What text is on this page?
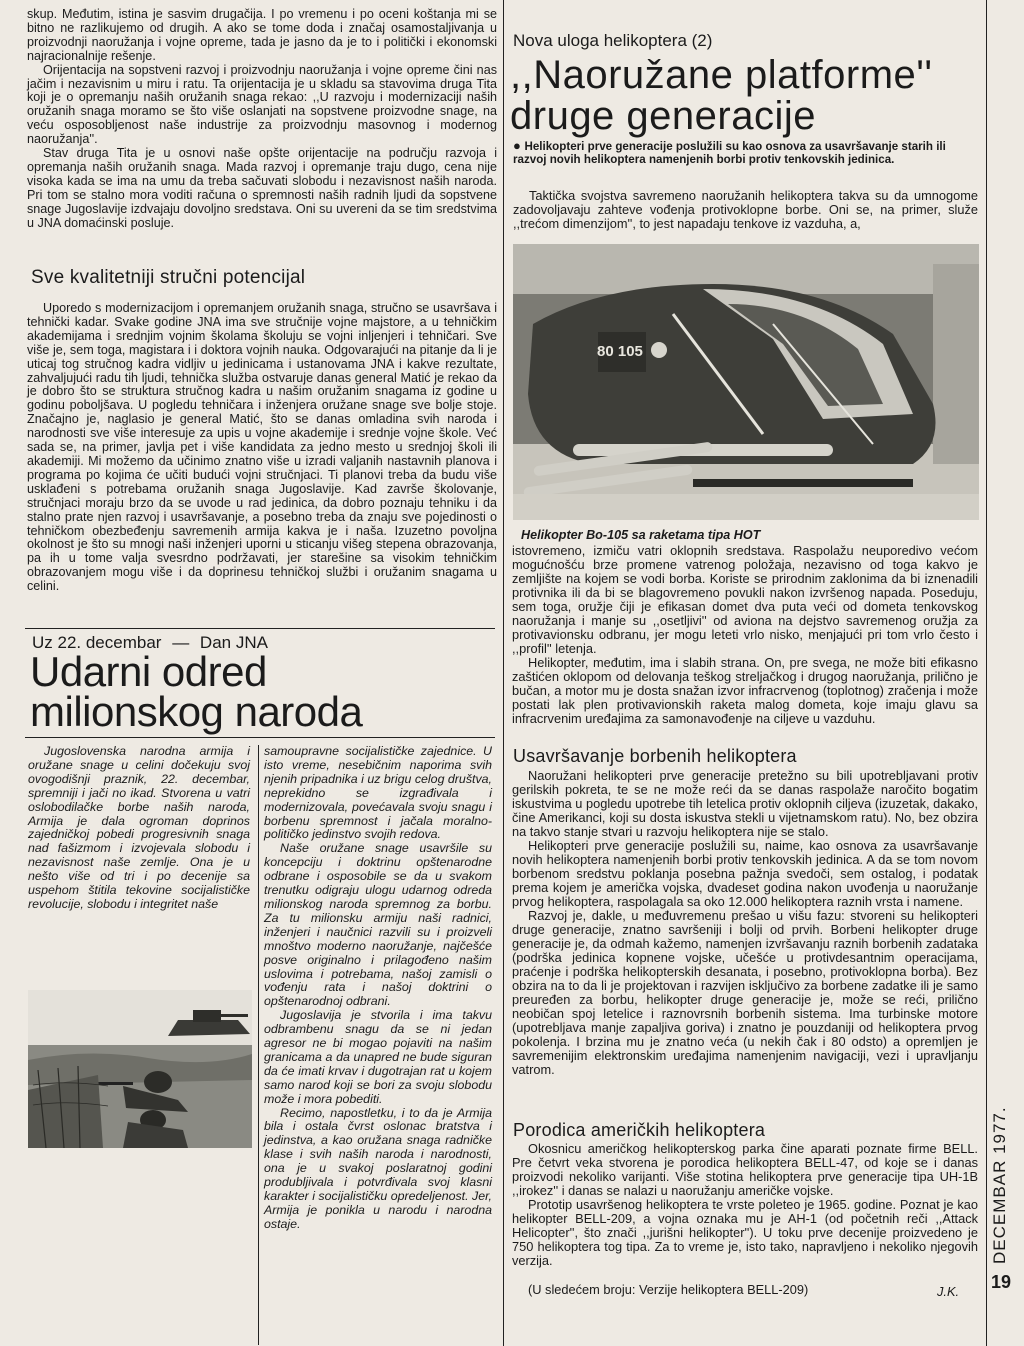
skup. Međutim, istina je sasvim drugačija. I po vremenu i po oceni koštanja mi se bitno ne razlikujemo od drugih. A ako se tome doda i značaj osamostaljivanja u proizvodnji naoružanja i vojne opreme, tada je jasno da je to i politički i ekonomski najracionalnije rešenje.

Orijentacija na sopstveni razvoj i proizvodnju naoružanja i vojne opreme čini nas jačim i nezavisnim u miru i ratu. Ta orijentacija je u skladu sa stavovima druga Tita koji je o opremanju naših oružanih snaga rekao: ,,U razvoju i modernizaciji naših oružanih snaga moramo se što više oslanjati na sopstvene proizvodne snage, na veću osposobljenost naše industrije za proizvodnju masovnog i modernog naoružanja''.

Stav druga Tita je u osnovi naše opšte orijentacije na području razvoja i opremanja naših oružanih snaga. Mada razvoj i opremanje traju dugo, cena nije visoka kada se ima na umu da treba sačuvati slobodu i nezavisnost naših naroda. Pri tom se stalno mora voditi računa o spremnosti naših radnih ljudi da sopstvene snage Jugoslavije izdvajaju dovoljno sredstava. Oni su uvereni da se tim sredstvima u JNA domaćinski posluje.

Sve kvalitetniji stručni potencijal

Uporedo s modernizacijom i opremanjem oružanih snaga, stručno se usavršava i tehnički kadar. Svake godine JNA ima sve stručnije vojne majstore, a u tehničkim akademijama i srednjim vojnim školama školuju se vojni inljenjeri i tehničari. Sve više je, sem toga, magistara i i doktora vojnih nauka. Odgovarajući na pitanje da li je uticaj tog stručnog kadra vidljiv u jedinicama i ustanovama JNA i kakve rezultate, zahvaljujući radu tih ljudi, tehnička služba ostvaruje danas general Matić je rekao da je dobro što se struktura stručnog kadra u našim oružanim snagama iz godine u godinu poboljšava. U pogledu tehničara i inženjera oružane snage sve bolje stoje. Značajno je, naglasio je general Matić, što se danas omladina svih naroda i narodnosti sve više interesuje za upis u vojne akademije i srednje vojne škole. Već sada se, na primer, javlja pet i više kandidata za jedno mesto u srednjoj školi ili akademiji. Mi možemo da učinimo znatno više u izradi valjanih nastavnih planova i programa po kojima će učiti budući vojni stručnjaci. Ti planovi treba da budu više usklađeni s potrebama oružanih snaga Jugoslavije. Kad završe školovanje, stručnjaci moraju brzo da se uvode u rad jedinica, da dobro poznaju tehniku i da stalno prate njen razvoj i usavršavanje, a posebno treba da znaju sve pojedinosti o tehničkom obezbeđenju savremenih armija kakva je i naša. Izuzetno povoljna okolnost je što su mnogi naši inženjeri uporni u sticanju višeg stepena obrazovanja, pa ih u tome valja svesrdno podržavati, jer starešine sa visokim tehničkim obrazovanjem mogu više i da doprinesu tehničkoj službi i oružanim snagama u celini.

Uz 22. decembar — Dan JNA
Udarni odred
milionskog naroda

Jugoslovenska narodna armija i oružane snage u celini dočekuju svoj ovogodišnji praznik, 22. decembar, spremniji i jači no ikad. Stvorena u vatri oslobodilačke borbe naših naroda, Armija je dala ogroman doprinos zajedničkoj pobedi progresivnih snaga nad fašizmom i izvojevala slobodu i nezavisnost naše zemlje. Ona je u nešto više od tri i po decenije sa uspehom štitila tekovine socijalističke revolucije, slobodu i integritet naše

samoupravne socijalističke zajednice. U isto vreme, nesebičnim naporima svih njenih pripadnika i uz brigu celog društva, neprekidno se izgrađivala i modernizovala, povećavala svoju snagu i borbenu spremnost i jačala moralno-političko jedinstvo svojih redova.

Naše oružane snage usavršile su koncepciju i doktrinu opštenarodne odbrane i osposobile se da u svakom trenutku odigraju ulogu udarnog odreda milionskog naroda spremnog za borbu. Za tu milionsku armiju naši radnici, inženjeri i naučnici razvili su i proizveli mnoštvo moderno naoružanje, najčešće posve originalno i prilagođeno našim uslovima i potrebama, našoj zamisli o vođenju rata i našoj doktrini o opštenarodnoj odbrani.

Jugoslavija je stvorila i ima takvu odbrambenu snagu da se ni jedan agresor ne bi mogao pojaviti na našim granicama a da unapred ne bude siguran da će imati krvav i dugotrajan rat u kojem samo narod koji se bori za svoju slobodu može i mora pobediti.

Recimo, napostletku, i to da je Armija bila i ostala čvrst oslonac bratstva i jedinstva, a kao oružana snaga radničke klase i svih naših naroda i narodnosti, ona je u svakoj poslaratnoj godini produbljivala i potvrđivala svoj klasni karakter i socijalističku opredeljenost. Jer, Armija je ponikla u narodu i narodna ostaje.

Nova uloga helikoptera (2)
,,Naoružane platforme''
druge generacije

● Helikopteri prve generacije poslužili su kao osnova za usavršavanje starih ili razvoj novih helikoptera namenjenih borbi protiv tenkovskih jedinica.

Taktička svojstva savremeno naoružanih helikoptera takva su da umnogome zadovoljavaju zahteve vođenja protivoklopne borbe. Oni se, na primer, služe ,,trećom dimenzijom'', to jest napadaju tenkove iz vazduha, a,

80 105
Helikopter Bo-105 sa raketama tipa HOT

istovremeno, izmiču vatri oklopnih sredstava. Raspolažu neuporedivo većom mogućnošću brze promene vatrenog položaja, nezavisno od toga kakvo je zemljište na kojem se vodi borba. Koriste se prirodnim zaklonima da bi iznenadili protivnika ili da bi se blagovremeno povukli nakon izvršenog napada. Poseduju, sem toga, oružje čiji je efikasan domet dva puta veći od dometa tenkovskog naoružanja i manje su ,,osetljivi'' od aviona na dejstvo savremenog oružja za protivavionsku odbranu, jer mogu leteti vrlo nisko, menjajući pri tom vrlo često i ,,profil'' letenja.

Helikopter, međutim, ima i slabih strana. On, pre svega, ne može biti efikasno zaštićen oklopom od delovanja teškog streljačkog i drugog naoružanja, prilično je bučan, a motor mu je dosta snažan izvor infracrvenog (toplotnog) zračenja i može postati lak plen protivavionskih raketa malog dometa, koje imaju glavu sa infracrvenim uređajima za samonavođenje na ciljeve u vazduhu.

Usavršavanje borbenih helikoptera

Naoružani helikopteri prve generacije pretežno su bili upotrebljavani protiv gerilskih pokreta, te se ne može reći da se danas raspolaže naročito bogatim iskustvima u pogledu upotrebe tih letelica protiv oklopnih ciljeva (izuzetak, dakako, čine Amerikanci, koji su dosta iskustva stekli u vijetnamskom ratu). No, bez obzira na takvo stanje stvari u razvoju helikoptera nije se stalo.

Helikopteri prve generacije poslužili su, naime, kao osnova za usavršavanje novih helikoptera namenjenih borbi protiv tenkovskih jedinica. A da se tom novom borbenom sredstvu poklanja posebna pažnja svedoči, sem ostalog, i podatak prema kojem je američka vojska, dvadeset godina nakon uvođenja u naoružanje prvog helikoptera, raspolagala sa oko 12.000 helikoptera raznih vrsta i namene.

Razvoj je, dakle, u međuvremenu prešao u višu fazu: stvoreni su helikopteri druge generacije, znatno savršeniji i bolji od prvih. Borbeni helikopter druge generacije je, da odmah kažemo, namenjen izvršavanju raznih borbenih zadataka (podrška jedinica kopnene vojske, učešće u protivdesantnim operacijama, praćenje i podrška helikopterskih desanata, i posebno, protivoklopna borba). Bez obzira na to da li je projektovan i razvijen isključivo za borbene zadatke ili je samo preuređen za borbu, helikopter druge generacije je, može se reći, prilično neobičan spoj letelice i raznovrsnih borbenih sistema. Ima turbinske motore (upotrebljava manje zapaljiva goriva) i znatno je pouzdaniji od helikoptera prvog pokolenja. I brzina mu je znatno veća (u nekih čak i 80 odsto) a opremljen je savremenijim elektronskim uređajima namenjenim navigaciji, vezi i upravljanju vatrom.

Porodica američkih helikoptera

Okosnicu američkog helikopterskog parka čine aparati poznate firme BELL. Pre četvrt veka stvorena je porodica helikoptera BELL-47, od koje se i danas proizvodi nekoliko varijanti. Više stotina helikoptera prve generacije tipa UH-1B ,,irokez'' i danas se nalazi u naoružanju američke vojske.

Prototip usavršenog helikoptera te vrste poleteo je 1965. godine. Poznat je kao helikopter BELL-209, a vojna oznaka mu je AH-1 (od početnih reči ,,Attack Helicopter'', što znači ,,jurišni helikopter''). U toku prve decenije proizvedeno je 750 helikoptera tog tipa. Za to vreme je, isto tako, napravljeno i nekoliko njegovih verzija.

(U sledećem broju: Verzije helikoptera BELL-209)	J.K.
DECEMBAR 1977.
19
